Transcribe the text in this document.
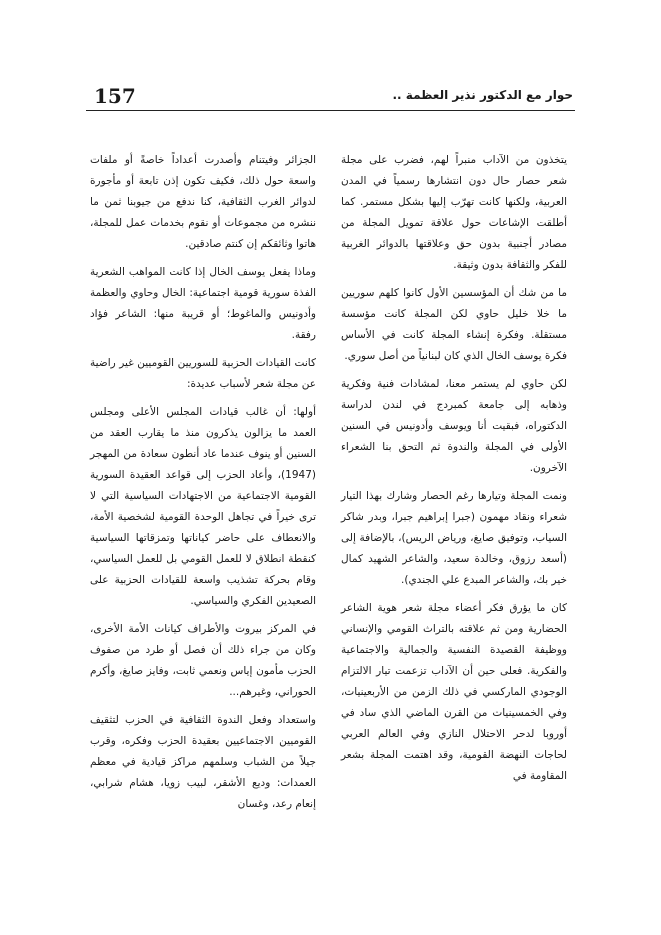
157	حوار مع الدكتور نذير العظمة ..

يتخذون من الآداب منبراً لهم، فضرب على مجلة شعر حصار حال دون انتشارها رسمياً في المدن العربية، ولكنها كانت تهرّب إليها بشكل مستمر. كما أطلقت الإشاعات حول علاقة تمويل المجلة من مصادر أجنبية بدون حق وعلاقتها بالدوائر الغربية للفكر والثقافة بدون وثيقة.

ما من شك أن المؤسسين الأول كانوا كلهم سوريين ما خلا خليل حاوي لكن المجلة كانت مؤسسة مستقلة. وفكرة إنشاء المجلة كانت في الأساس فكرة يوسف الخال الذي كان لبنانياً من أصل سوري.

لكن حاوي لم يستمر معنا، لمشادات فنية وفكرية وذهابه إلى جامعة كمبردج في لندن لدراسة الدكتوراه، فبقيت أنا ويوسف وأدونيس في السنين الأولى في المجلة والندوة ثم التحق بنا الشعراء الآخرون.

ونمت المجلة وتيارها رغم الحصار وشارك بهذا التيار شعراء ونقاد مهمون (جبرا إبراهيم جبرا، وبدر شاكر السياب، وتوفيق صايغ، ورياض الريس)، بالإضافة إلى (أسعد رزوق، وخالدة سعيد، والشاعر الشهيد كمال خير بك، والشاعر المبدع علي الجندي).

كان ما يؤرق فكر أعضاء مجلة شعر هوية الشاعر الحضارية ومن ثم علاقته بالتراث القومي والإنساني ووظيفة القصيدة النفسية والجمالية والاجتماعية والفكرية. فعلى حين أن الآداب تزعمت تيار الالتزام الوجودي الماركسي في ذلك الزمن من الأربعينيات، وفي الخمسينيات من القرن الماضي الذي ساد في أوروبا لدحر الاحتلال النازي وفي العالم العربي لحاجات النهضة القومية، وقد اهتمت المجلة بشعر المقاومة في

الجزائر وفيتنام وأصدرت أعداداً خاصةً أو ملفات واسعة حول ذلك، فكيف تكون إذن تابعة أو مأجورة لدوائر الغرب الثقافية، كنا ندفع من جيوبنا ثمن ما ننشره من مجموعات أو نقوم بخدمات عمل للمجلة، هاتوا وثائقكم إن كنتم صادقين.

وماذا يفعل يوسف الخال إذا كانت المواهب الشعرية الفذة سورية قومية اجتماعية: الخال وحاوي والعظمة وأدونيس والماغوط؛ أو قريبة منها: الشاعر فؤاد رفقة.

كانت القيادات الحزبية للسوريين القوميين غير راضية عن مجلة شعر لأسباب عديدة:

أولها: أن غالب قيادات المجلس الأعلى ومجلس العمد ما يزالون يذكرون منذ ما يقارب العقد من السنين أو ينوف عندما عاد أنطون سعادة من المهجر (1947)، وأعاد الحزب إلى قواعد العقيدة السورية القومية الاجتماعية من الاجتهادات السياسية التي لا ترى خيراً في تجاهل الوحدة القومية لشخصية الأمة، والانعطاف على حاضر كياناتها وتمزقاتها السياسية كنقطة انطلاق لا للعمل القومي بل للعمل السياسي، وقام بحركة تشذيب واسعة للقيادات الحزبية على الصعيدين الفكري والسياسي.

في المركز بيروت والأطراف كيانات الأمة الأخرى، وكان من جراء ذلك أن فصل أو طرد من صفوف الحزب مأمون إياس ونعمي ثابت، وفايز صايغ، وأكرم الحوراني، وغيرهم...

واستعداد وفعل الندوة الثقافية في الحزب لتثقيف القوميين الاجتماعيين بعقيدة الحزب وفكره، وقرب جيلاً من الشباب وسلمهم مراكز قيادية في معظم العمدات: وديع الأشقر، لبيب زويا، هشام شرابي، إنعام رعد، وغسان
